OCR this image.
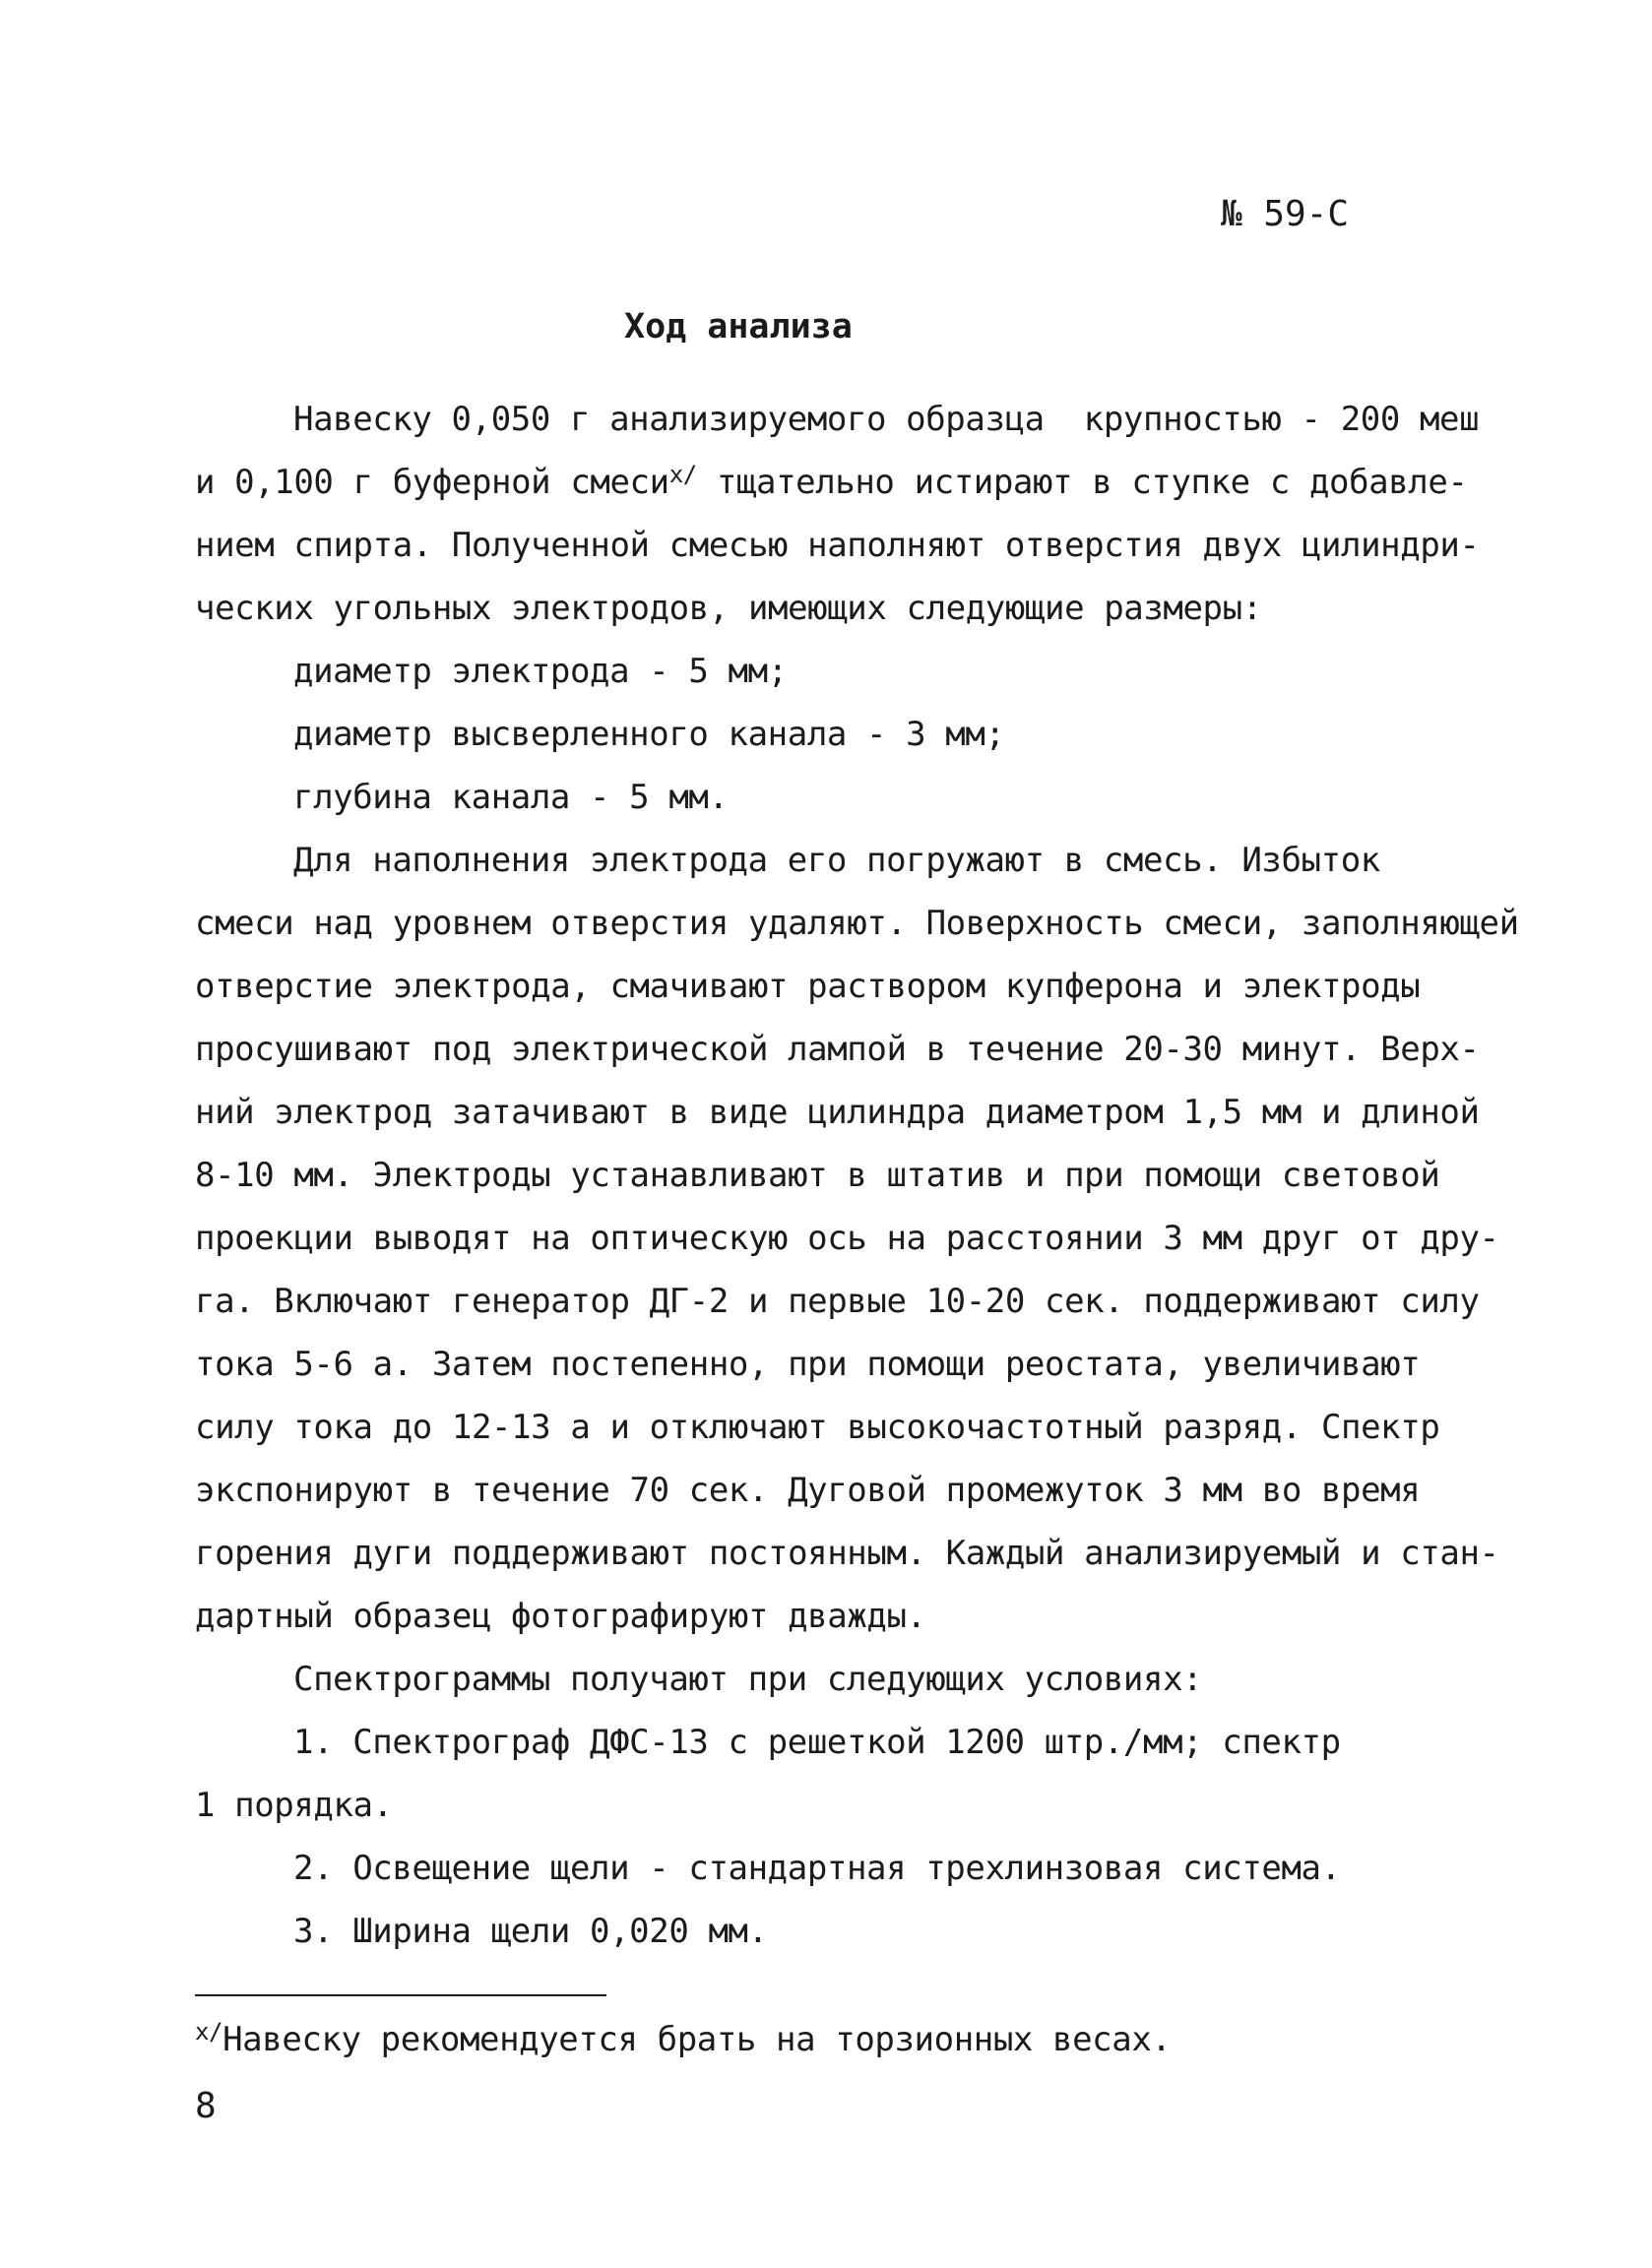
№ 59-С
Ход анализа

Навеску 0,050 г анализируемого образца  крупностью - 200 меш

и 0,100 г буферной смеси$^{x/}$ тщательно истирают в ступке с добавле-

нием спирта. Полученной смесью наполняют отверстия двух цилиндри-

ческих угольных электродов, имеющих следующие размеры:

диаметр электрода - 5 мм;

диаметр высверленного канала - 3 мм;

глубина канала - 5 мм.

Для наполнения электрода его погружают в смесь. Избыток

смеси над уровнем отверстия удаляют. Поверхность смеси, заполняющей

отверстие электрода, смачивают раствором купферона и электроды

просушивают под электрической лампой в течение 20-30 минут. Верх-

ний электрод затачивают в виде цилиндра диаметром 1,5 мм и длиной

8-10 мм. Электроды устанавливают в штатив и при помощи световой

проекции выводят на оптическую ось на расстоянии 3 мм друг от дру-

га. Включают генератор ДГ-2 и первые 10-20 сек. поддерживают силу

тока 5-6 а. Затем постепенно, при помощи реостата, увеличивают

силу тока до 12-13 а и отключают высокочастотный разряд. Спектр

экспонируют в течение 70 сек. Дуговой промежуток 3 мм во время

горения дуги поддерживают постоянным. Каждый анализируемый и стан-

дартный образец фотографируют дважды.

Спектрограммы получают при следующих условиях:

1. Спектрограф ДФС-13 с решеткой 1200 штр./мм; спектр

1 порядка.

2. Освещение щели - стандартная трехлинзовая система.

3. Ширина щели 0,020 мм.

$^{x/}$Навеску рекомендуется брать на торзионных весах.
8
